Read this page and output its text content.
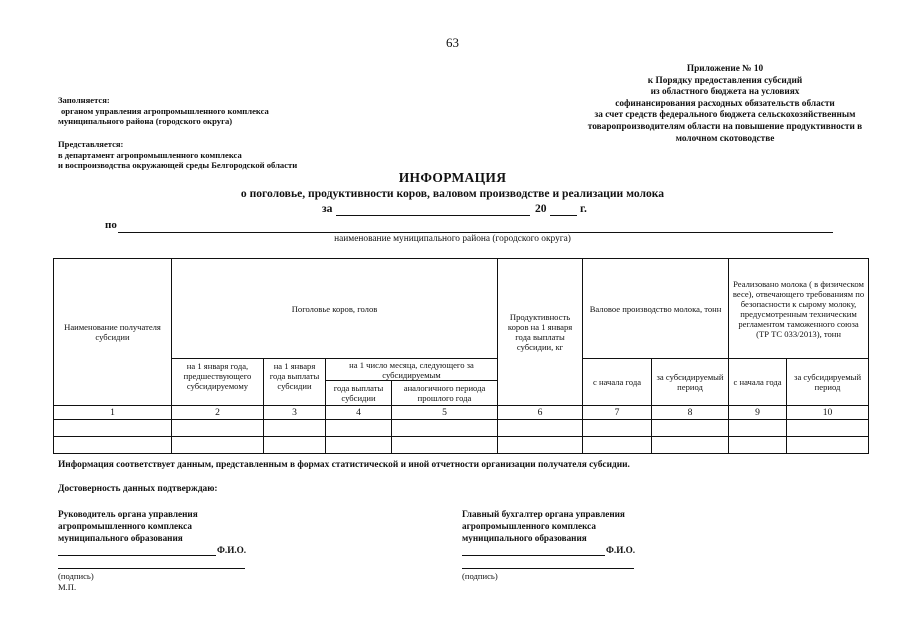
63
Приложение № 10
к Порядку предоставления субсидий
из областного бюджета на условиях
софинансирования расходных обязательств области
за счет средств федерального бюджета сельскохозяйственным
товаропроизводителям области на повышение продуктивности в
молочном скотоводстве
Заполняется:
органом управления агропромышленного комплекса
муниципального района (городского округа)
Представляется:
в департамент агропромышленного комплекса
и воспроизводства окружающей среды Белгородской области
ИНФОРМАЦИЯ
о поголовье, продуктивности коров, валовом производстве и реализации молока
за	20	г.
по
наименование муниципального района (городского округа)
Наименование получателя субсидии	Поголовье коров, голов				Продуктивность коров на 1 января года выплаты субсидии, кг	Валовое производство молока, тонн		Реализовано молока ( в физическом весе), отвечающего требованиям по безопасности к сырому молоку, предусмотренным техническим регламентом таможенного союза (ТР ТС 033/2013), тонн	
	на 1 января года, предшествующего субсидируемому	на 1 января года выплаты субсидии	на 1 число месяца, следующего за субсидируемым			с начала года	за субсидируемый период	с начала года	за субсидируемый период
			года выплаты субсидии	аналогичного периода прошлого года					
1	2	3	4	5	6	7	8	9	10

Информация соответствует данным, представленным в формах статистической и иной отчетности организации получателя субсидии.
Достоверность данных подтверждаю:
Руководитель органа управления
агропромышленного комплекса
муниципального образования
Ф.И.О.
(подпись)
М.П.
Главный бухгалтер органа управления
агропромышленного комплекса
муниципального образования
Ф.И.О.
(подпись)
